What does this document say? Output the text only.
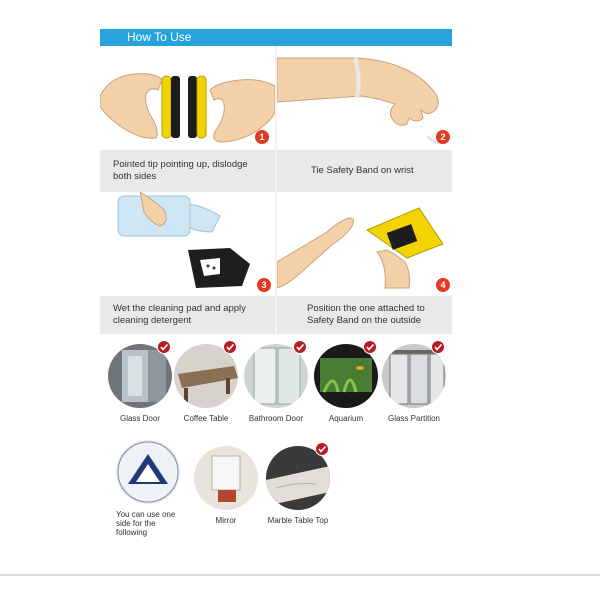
How To Use
1
Pointed tip pointing up, dislodge
both sides
2
Tie Safety Band on wrist
3
Wet the cleaning pad and apply
cleaning detergent
4
Position the one attached to
Safety Band on the outside
Glass Door	Coffee Table	Bathroom Door	Aquarium	Glass Partition
You can use one
side for the
following
Mirror	Marble Table Top
